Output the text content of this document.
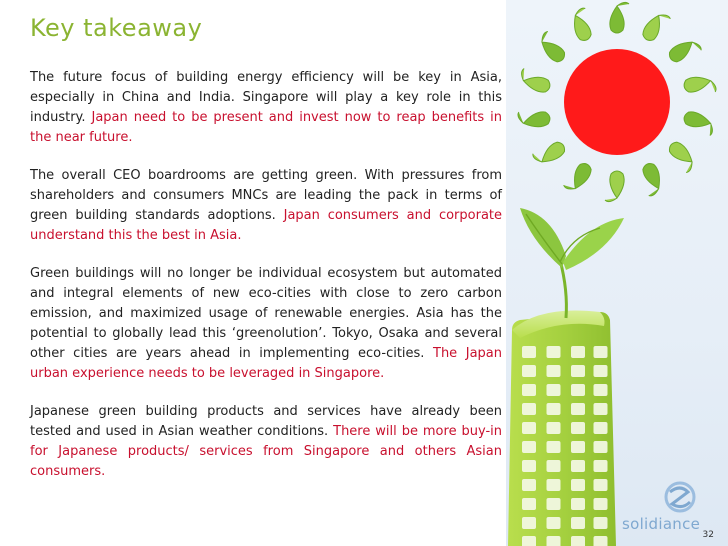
Key takeaway

The future focus of building energy efficiency will be key in Asia, especially in China and India. Singapore will play a key role in this industry. Japan need to be present and invest now to reap benefits in the near future.

The overall CEO boardrooms are getting green. With pressures from shareholders and consumers MNCs are leading the pack in terms of green building standards adoptions. Japan consumers and corporate understand this the best in Asia.

Green buildings will no longer be individual ecosystem but automated and integral elements of new eco-cities with close to zero carbon emission, and maximized usage of renewable energies. Asia has the potential to globally lead this ‘greenolution’. Tokyo, Osaka and several other cities are years ahead in implementing eco-cities. The Japan urban experience needs to be leveraged in Singapore.

Japanese green building products and services have already been tested and used in Asian weather conditions. There will be more buy-in for Japanese products/ services from Singapore and others Asian consumers.

solidiance
32
